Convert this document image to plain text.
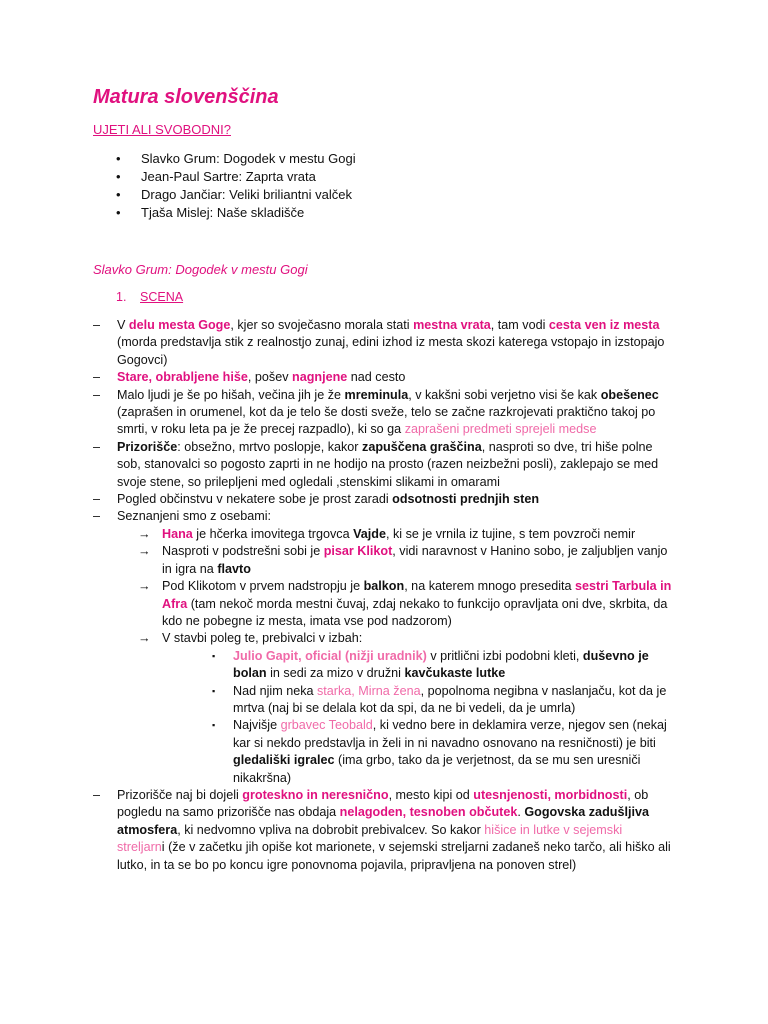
Matura slovenščina
UJETI ALI SVOBODNI?
• Slavko Grum: Dogodek v mestu Gogi
• Jean-Paul Sartre: Zaprta vrata
• Drago Jančiar: Veliki briliantni valček
• Tjaša Mislej: Naše skladišče
Slavko Grum: Dogodek v mestu Gogi
1. SCENA
– V delu mesta Goge, kjer so svoječasno morala stati mestna vrata, tam vodi cesta ven iz mesta (morda predstavlja stik z realnostjo zunaj, edini izhod iz mesta skozi katerega vstopajo in izstopajo Gogovci)
– Stare, obrabljene hiše, pošev nagnjene nad cesto
– Malo ljudi je še po hišah, večina jih je že mreminula, v kakšni sobi verjetno visi še kak obešenec (zaprašen in orumenel, kot da je telo še dosti sveže, telo se začne razkrojevati praktično takoj po smrti, v roku leta pa je že precej razpadlo), ki so ga zaprašeni predmeti sprejeli medse
– Prizorišče: obsežno, mrtvo poslopje, kakor zapuščena graščina, nasproti so dve, tri hiše polne sob, stanovalci so pogosto zaprti in ne hodijo na prosto (razen neizbežni posli), zaklepajo se med svoje stene, so prilepljeni med ogledali ,stenskimi slikami in omarami
– Pogled občinstvu v nekatere sobe je prost zaradi odsotnosti prednjih sten
– Seznanjeni smo z osebami:
→ Hana je hčerka imovitega trgovca Vajde, ki se je vrnila iz tujine, s tem povzroči nemir
→ Nasproti v podstrešni sobi je pisar Klikot, vidi naravnost v Hanino sobo, je zaljubljen vanjo in igra na flavto
→ Pod Klikotom v prvem nadstropju je balkon, na katerem mnogo presedita sestri Tarbula in Afra (tam nekoč morda mestni čuvaj, zdaj nekako to funkcijo opravljata oni dve, skrbita, da kdo ne pobegne iz mesta, imata vse pod nadzorom)
→ V stavbi poleg te, prebivalci v izbah:
▪ Julio Gapit, oficial (nižji uradnik) v pritlični izbi podobni kleti, duševno je bolan in sedi za mizo v družni kavčukaste lutke
▪ Nad njim neka starka, Mirna žena, popolnoma negibna v naslanjaču, kot da je mrtva (naj bi se delala kot da spi, da ne bi vedeli, da je umrla)
▪ Najvišje grbavec Teobald, ki vedno bere in deklamira verze, njegov sen (nekaj kar si nekdo predstavlja in želi in ni navadno osnovano na resničnosti) je biti gledališki igralec (ima grbo, tako da je verjetnost, da se mu sen uresniči nikakršna)
– Prizorišče naj bi dojeli groteskno in neresnično, mesto kipi od utesnjenosti, morbidnosti, ob pogledu na samo prizorišče nas obdaja nelagoden, tesnoben občutek. Gogovska zadušljiva atmosfera, ki nedvomno vpliva na dobrobit prebivalcev. So kakor hišice in lutke v sejemski streljarni (že v začetku jih opiše kot marionete, v sejemski streljarni zadaneš neko tarčo, ali hiško ali lutko, in ta se bo po koncu igre ponovnoma pojavila, pripravljena na ponoven strel)
